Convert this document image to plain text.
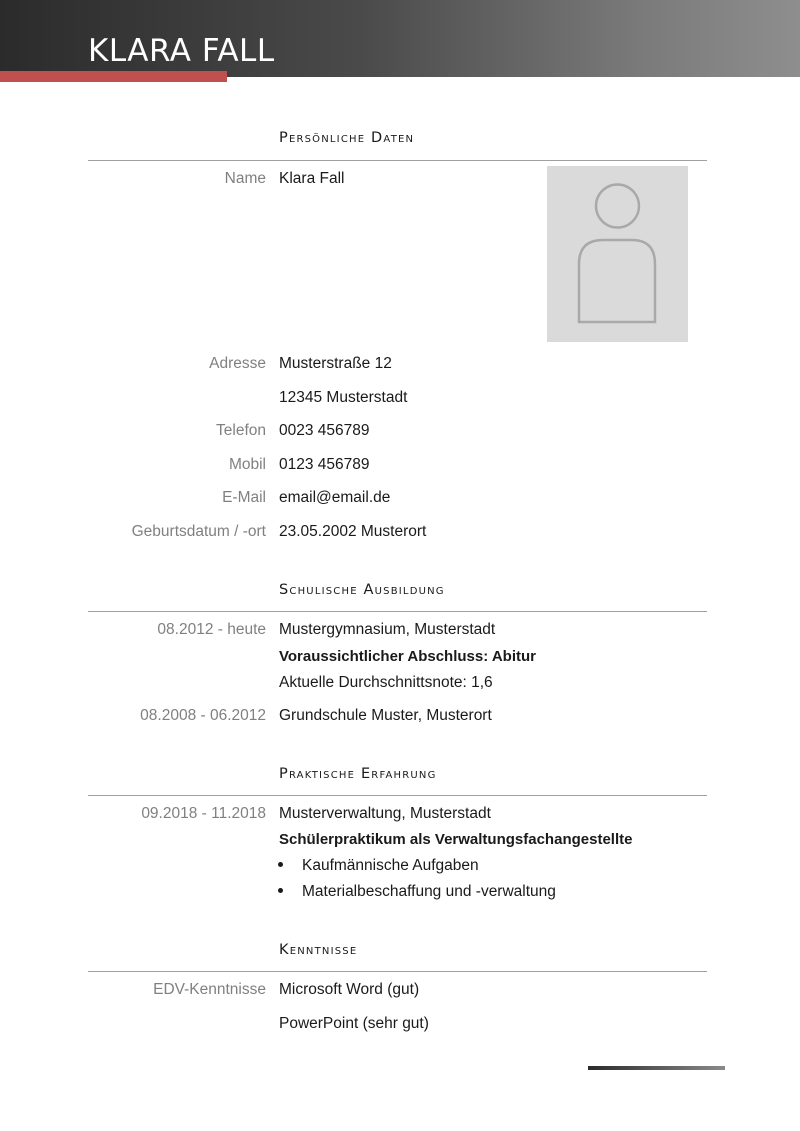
KLARA FALL
Persönliche Daten
Name Klara Fall
Adresse Musterstraße 12
12345 Musterstadt
Telefon 0023 456789
Mobil 0123 456789
E-Mail email@email.de
Geburtsdatum / -ort 23.05.2002 Musterort
Schulische Ausbildung
08.2012 - heute Mustergymnasium, Musterstadt
Voraussichtlicher Abschluss: Abitur
Aktuelle Durchschnittsnote: 1,6
08.2008 - 06.2012 Grundschule Muster, Musterort
Praktische Erfahrung
09.2018 - 11.2018 Musterverwaltung, Musterstadt
Schülerpraktikum als Verwaltungsfachangestellte
Kaufmännische Aufgaben
Materialbeschaffung und -verwaltung
Kenntnisse
EDV-Kenntnisse Microsoft Word (gut)
PowerPoint (sehr gut)
